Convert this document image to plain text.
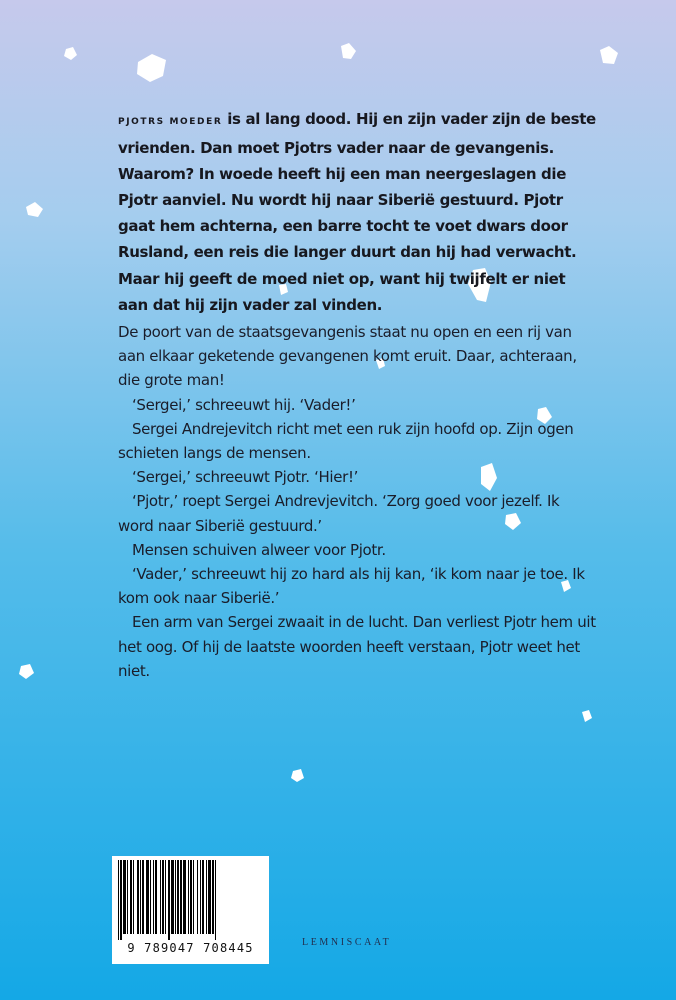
PJOTRS MOEDER is al lang dood. Hij en zijn vader zijn de beste vrienden. Dan moet Pjotrs vader naar de gevangenis. Waarom? In woede heeft hij een man neergeslagen die Pjotr aanviel. Nu wordt hij naar Siberië gestuurd. Pjotr gaat hem achterna, een barre tocht te voet dwars door Rusland, een reis die langer duurt dan hij had verwacht. Maar hij geeft de moed niet op, want hij twijfelt er niet aan dat hij zijn vader zal vinden.

De poort van de staatsgevangenis staat nu open en een rij van aan elkaar geketende gevangenen komt eruit. Daar, achteraan, die grote man!

‘Sergei,’ schreeuwt hij. ‘Vader!’

Sergei Andrejevitch richt met een ruk zijn hoofd op. Zijn ogen schieten langs de mensen.

‘Sergei,’ schreeuwt Pjotr. ‘Hier!’

‘Pjotr,’ roept Sergei Andrevjevitch. ‘Zorg goed voor jezelf. Ik word naar Siberië gestuurd.’

Mensen schuiven alweer voor Pjotr.

‘Vader,’ schreeuwt hij zo hard als hij kan, ‘ik kom naar je toe. Ik kom ook naar Siberië.’

Een arm van Sergei zwaait in de lucht. Dan verliest Pjotr hem uit het oog. Of hij de laatste woorden heeft verstaan, Pjotr weet het niet.

9 789047 708445	LEMNISCAAT
